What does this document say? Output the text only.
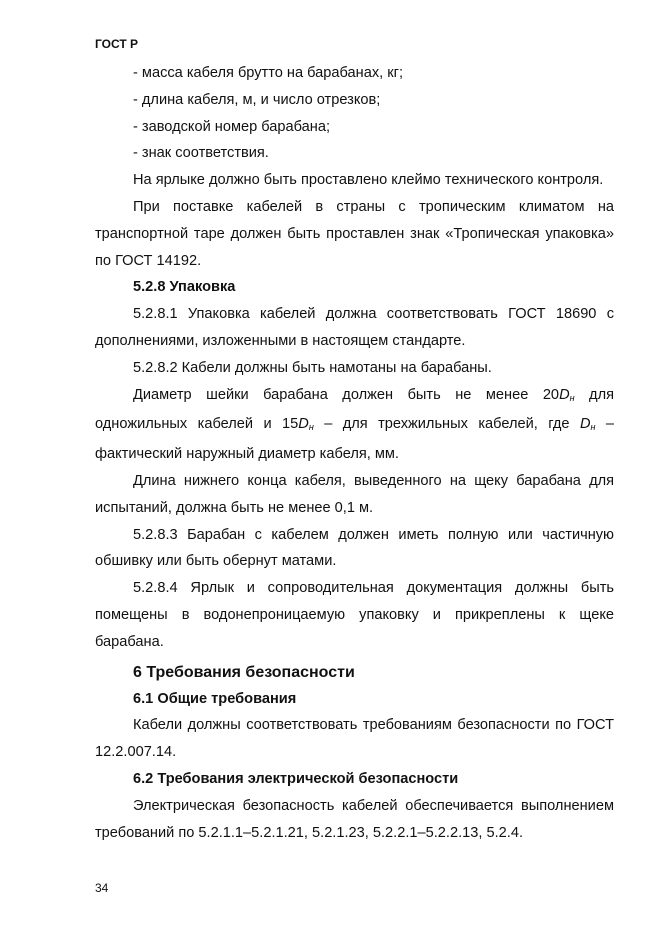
ГОСТ Р

- масса кабеля брутто на барабанах, кг;

- длина кабеля, м, и число отрезков;

- заводской номер барабана;

- знак соответствия.

На ярлыке должно быть проставлено клеймо технического контроля.

При поставке кабелей в страны с тропическим климатом на транспортной таре должен быть проставлен знак «Тропическая упаковка» по ГОСТ 14192.

5.2.8 Упаковка

5.2.8.1 Упаковка кабелей должна соответствовать ГОСТ 18690 с дополнениями, изложенными в настоящем стандарте.

5.2.8.2 Кабели должны быть намотаны на барабаны.

Диаметр шейки барабана должен быть не менее $20D_н$ для одножильных кабелей и $15D_н$ – для трехжильных кабелей, где $D_н$ – фактический наружный диаметр кабеля, мм.

Длина нижнего конца кабеля, выведенного на щеку барабана для испытаний, должна быть не менее 0,1 м.

5.2.8.3 Барабан с кабелем должен иметь полную или частичную обшивку или быть обернут матами.

5.2.8.4 Ярлык и сопроводительная документация должны быть помещены в водонепроницаемую упаковку и прикреплены к щеке барабана.

6 Требования безопасности

6.1 Общие требования

Кабели должны соответствовать требованиям безопасности по ГОСТ 12.2.007.14.

6.2 Требования электрической безопасности

Электрическая безопасность кабелей обеспечивается выполнением требований по 5.2.1.1–5.2.1.21, 5.2.1.23, 5.2.2.1–5.2.2.13, 5.2.4.

34
